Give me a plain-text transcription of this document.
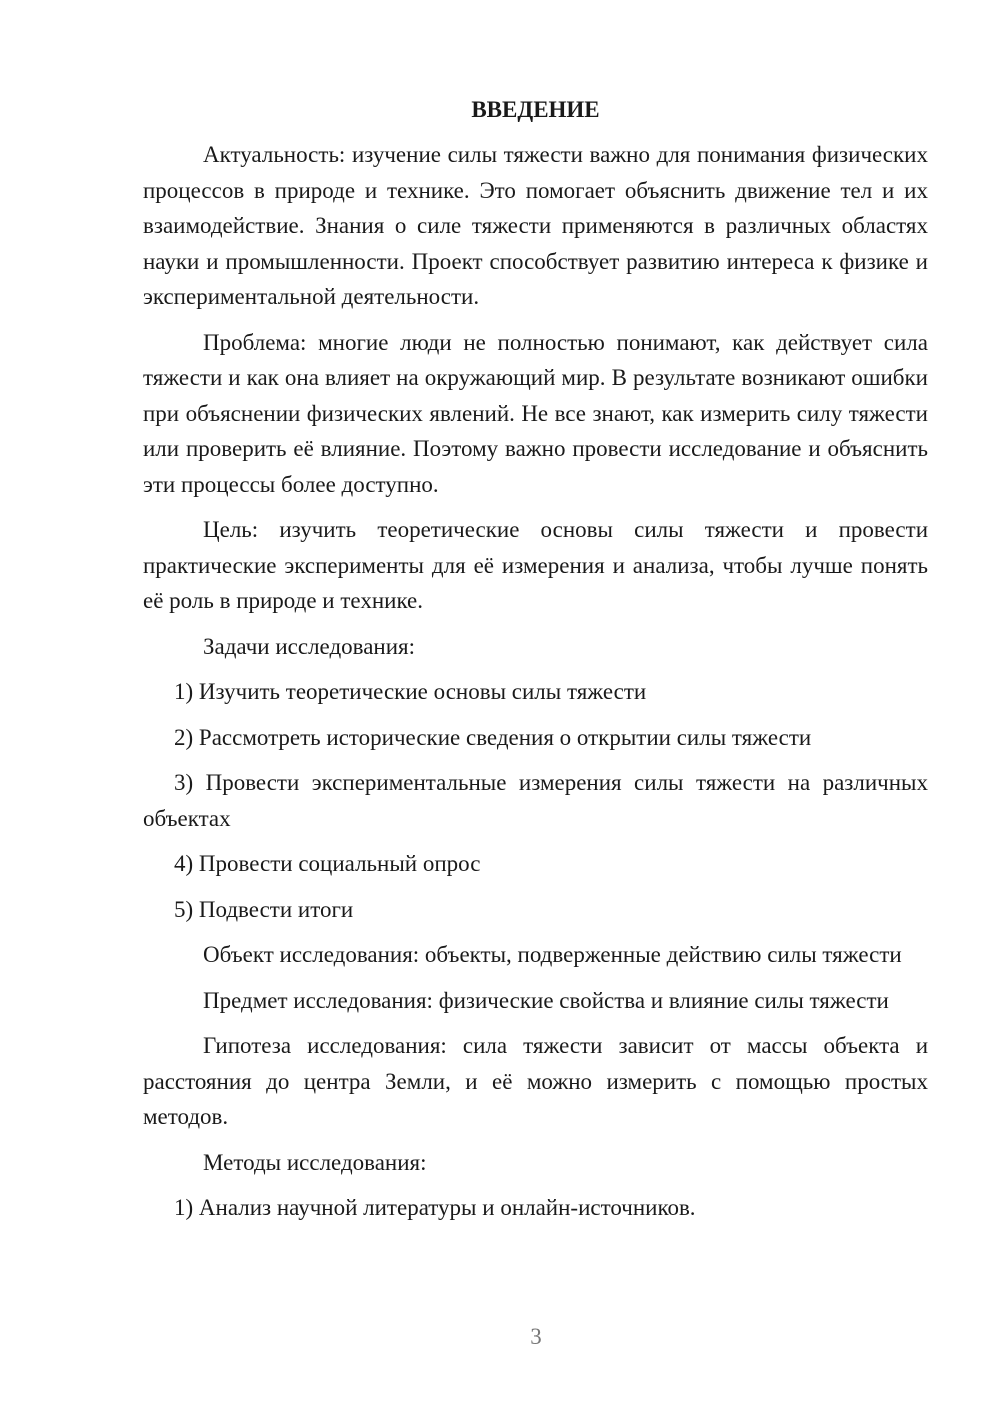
ВВЕДЕНИЕ

Актуальность: изучение силы тяжести важно для понимания физических процессов в природе и технике. Это помогает объяснить движение тел и их взаимодействие. Знания о силе тяжести применяются в различных областях науки и промышленности. Проект способствует развитию интереса к физике и экспериментальной деятельности.

Проблема: многие люди не полностью понимают, как действует сила тяжести и как она влияет на окружающий мир. В результате возникают ошибки при объяснении физических явлений. Не все знают, как измерить силу тяжести или проверить её влияние. Поэтому важно провести исследование и объяснить эти процессы более доступно.

Цель: изучить теоретические основы силы тяжести и провести практические эксперименты для её измерения и анализа, чтобы лучше понять её роль в природе и технике.

Задачи исследования:

1) Изучить теоретические основы силы тяжести

2) Рассмотреть исторические сведения о открытии силы тяжести

3) Провести экспериментальные измерения силы тяжести на различных объектах

4) Провести социальный опрос

5) Подвести итоги

Объект исследования: объекты, подверженные действию силы тяжести

Предмет исследования: физические свойства и влияние силы тяжести

Гипотеза исследования: сила тяжести зависит от массы объекта и расстояния до центра Земли, и её можно измерить с помощью простых методов.

Методы исследования:

1) Анализ научной литературы и онлайн-источников.

3
